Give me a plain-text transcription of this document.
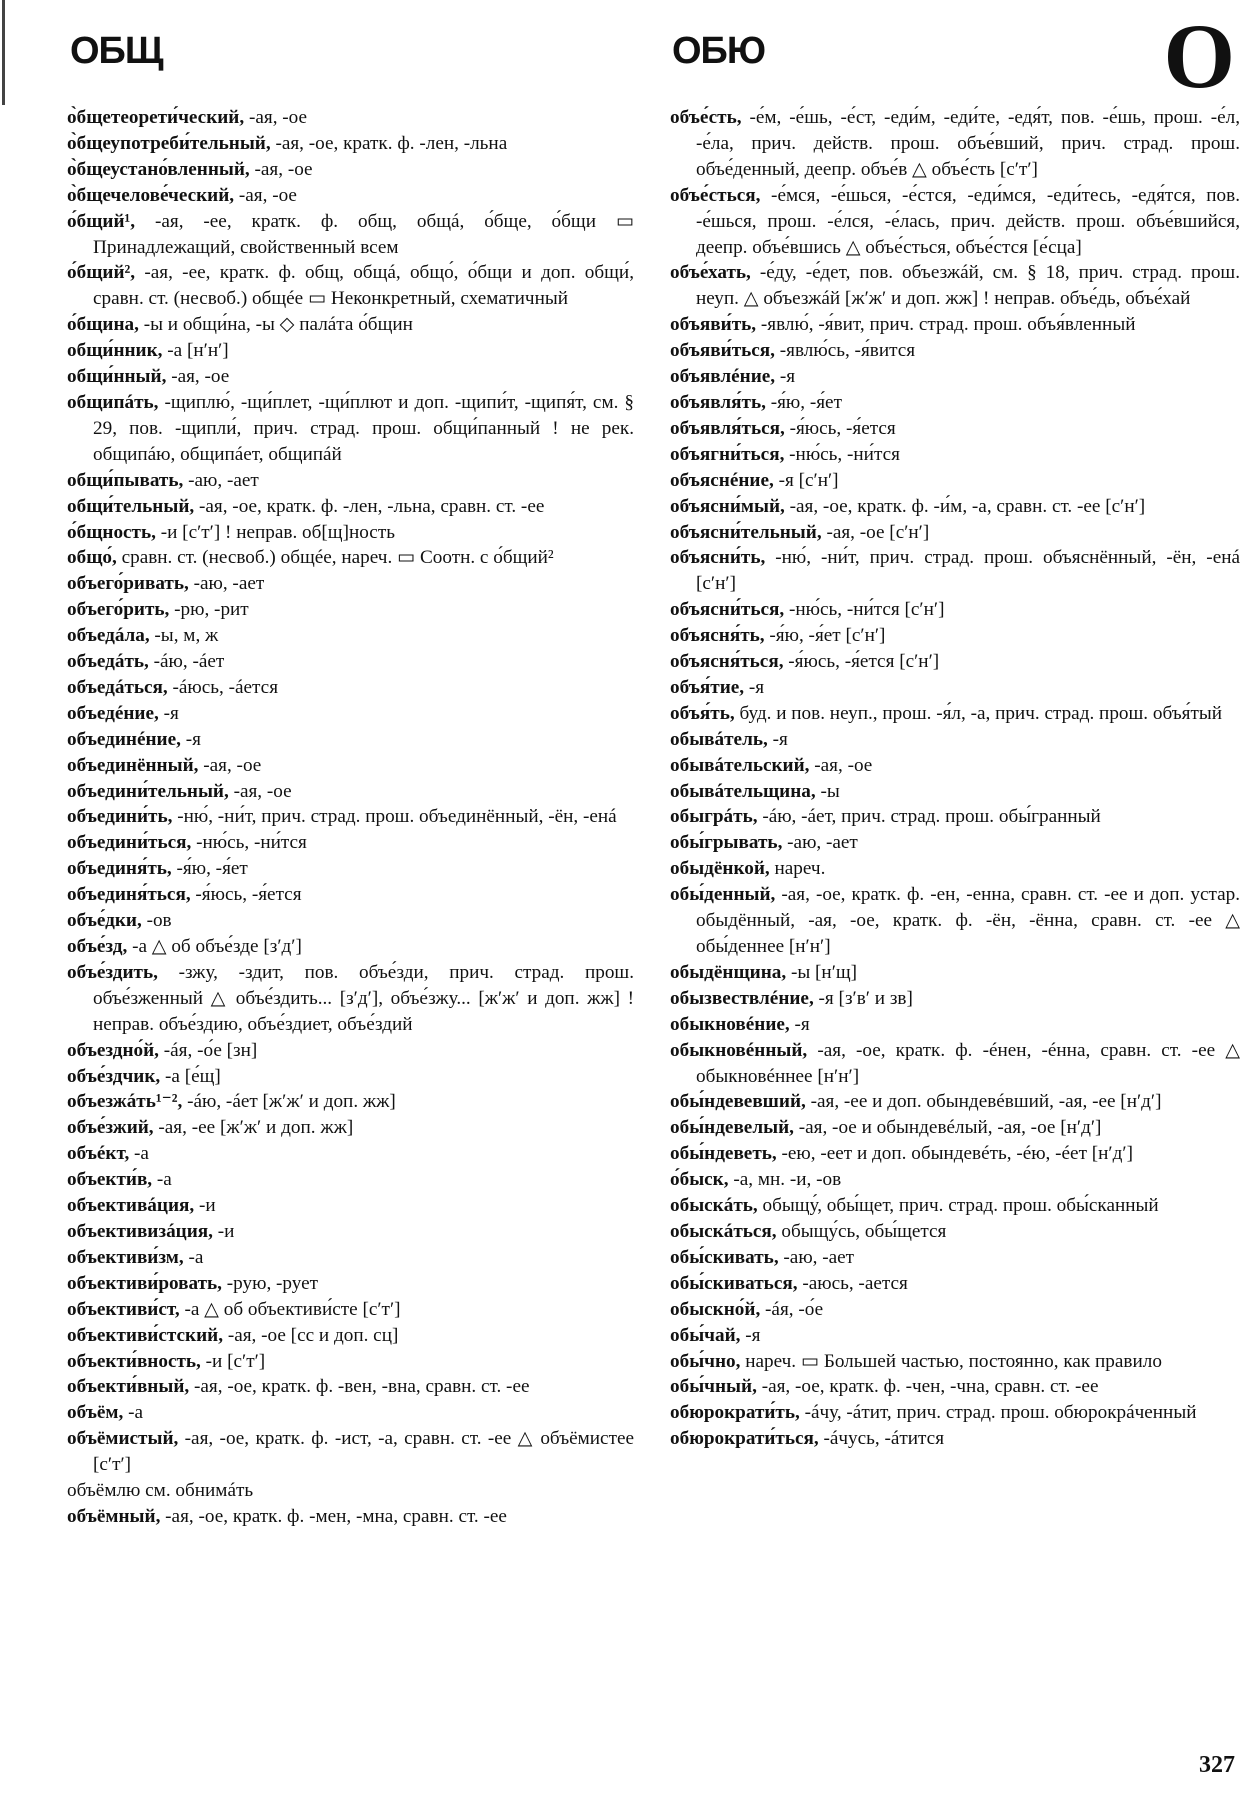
ОБЩ	ОБЮ	О
о̀бщетеорети́ческий, -ая, -ое
о̀бщеупотреби́тельный, -ая, -ое, кратк. ф. -лен, -льна
о̀бщеустано́вленный, -ая, -ое
о̀бщечелове́ческий, -ая, -ое
о́бщий¹, -ая, -ее, кратк. ф. общ, общá, о́бще, о́бщи ▭ Принадлежащий, свойственный всем
о́бщий², -ая, -ее, кратк. ф. общ, общá, общо́, о́бщи и доп. общи́, сравн. ст. (несвоб.) общée ▭ Неконкретный, схематичный
о́бщина, -ы и общи́на, -ы ◇ палáта о́бщин
общи́нник, -а [нʹнʹ]
общи́нный, -ая, -ое
общипáть, -щиплю́, -щи́плет, -щи́плют и доп. -щипи́т, -щипя́т, см. § 29, пов. -щипли́, прич. страд. прош. общи́панный ! не рек. общипáю, общипáет, общипáй
общи́пывать, -аю, -ает
общи́тельный, -ая, -ое, кратк. ф. -лен, -льна, сравн. ст. -ее
о́бщность, -и [сʹтʹ] ! неправ. об[щ]ность
общо́, сравн. ст. (несвоб.) общée, нареч. ▭ Соотн. с о́бщий²
объего́ривать, -аю, -ает
объего́рить, -рю, -рит
объедáла, -ы, м, ж
объедáть, -áю, -áет
объедáться, -áюсь, -áется
объедéние, -я
объединéние, -я
объединённый, -ая, -ое
объедини́тельный, -ая, -ое
объедини́ть, -ню́, -ни́т, прич. страд. прош. объединённый, -ён, -енá
объедини́ться, -ню́сь, -ни́тся
объединя́ть, -я́ю, -я́ет
объединя́ться, -я́юсь, -я́ется
объе́дки, -ов
объе́зд, -а △ об объе́зде [зʹдʹ]
объе́здить, -зжу, -здит, пов. объе́зди, прич. страд. прош. объе́зженный △ объе́здить... [зʹдʹ], объе́зжу... [жʹжʹ и доп. жж] ! неправ. объе́здию, объе́здиет, объе́здий
объездно́й, -áя, -о́е [зн]
объе́здчик, -а [е́щ]
объезжáть¹⁻², -áю, -áет [жʹжʹ и доп. жж]
объе́зжий, -ая, -ее [жʹжʹ и доп. жж]
объéкт, -а
объекти́в, -а
объективáция, -и
объективизáция, -и
объективи́зм, -а
объективи́ровать, -рую, -рует
объективи́ст, -а △ об объективи́сте [сʹтʹ]
объективи́стский, -ая, -ое [сс и доп. сц]
объекти́вность, -и [сʹтʹ]
объекти́вный, -ая, -ое, кратк. ф. -вен, -вна, сравн. ст. -ее
объём, -а
объёмистый, -ая, -ое, кратк. ф. -ист, -а, сравн. ст. -ее △ объёмистее [сʹтʹ]
объёмлю см. обнимáть
объёмный, -ая, -ое, кратк. ф. -мен, -мна, сравн. ст. -ее
объе́сть, -е́м, -е́шь, -е́ст, -еди́м, -еди́те, -едя́т, пов. -е́шь, прош. -е́л, -е́ла, прич. действ. прош. объе́вший, прич. страд. прош. объе́денный, деепр. объе́в △ объе́сть [сʹтʹ]
объе́сться, -е́мся, -е́шься, -е́стся, -еди́мся, -еди́тесь, -едя́тся, пов. -е́шься, прош. -е́лся, -е́лась, прич. действ. прош. объе́вшийся, деепр. объе́вшись △ объе́сться, объе́стся [е́сца]
объе́хать, -е́ду, -е́дет, пов. объезжáй, см. § 18, прич. страд. прош. неуп. △ объезжáй [жʹжʹ и доп. жж] ! неправ. объе́дь, объе́хай
объяви́ть, -явлю́, -я́вит, прич. страд. прош. объя́вленный
объяви́ться, -явлю́сь, -я́вится
объявлéние, -я
объявля́ть, -я́ю, -я́ет
объявля́ться, -я́юсь, -я́ется
объягни́ться, -ню́сь, -ни́тся
объяснéние, -я [сʹнʹ]
объясни́мый, -ая, -ое, кратк. ф. -и́м, -а, сравн. ст. -ее [сʹнʹ]
объясни́тельный, -ая, -ое [сʹнʹ]
объясни́ть, -ню́, -ни́т, прич. страд. прош. объяснённый, -ён, -енá [сʹнʹ]
объясни́ться, -ню́сь, -ни́тся [сʹнʹ]
объясня́ть, -я́ю, -я́ет [сʹнʹ]
объясня́ться, -я́юсь, -я́ется [сʹнʹ]
объя́тие, -я
объя́ть, буд. и пов. неуп., прош. -я́л, -а, прич. страд. прош. объя́тый
обывáтель, -я
обывáтельский, -ая, -ое
обывáтельщина, -ы
обыгрáть, -áю, -áет, прич. страд. прош. обы́гранный
обы́грывать, -аю, -ает
обыдёнкой, нареч.
обы́денный, -ая, -ое, кратк. ф. -ен, -енна, сравн. ст. -ее и доп. устар. обыдённый, -ая, -ое, кратк. ф. -ён, -ённа, сравн. ст. -ее △ обы́деннее [нʹнʹ]
обыдёнщина, -ы [нʹщ]
обызвествлéние, -я [зʹвʹ и зв]
обыкновéние, -я
обыкновéнный, -ая, -ое, кратк. ф. -éнен, -éнна, сравн. ст. -ее △ обыкновéннее [нʹнʹ]
обы́ндевевший, -ая, -ее и доп. обындевéвший, -ая, -ее [нʹдʹ]
обы́ндевелый, -ая, -ое и обындевéлый, -ая, -ое [нʹдʹ]
обы́ндеветь, -ею, -еет и доп. обындевéть, -éю, -éет [нʹдʹ]
о́быск, -а, мн. -и, -ов
обыскáть, обыщу́, обы́щет, прич. страд. прош. обы́сканный
обыскáться, обыщу́сь, обы́щется
обы́скивать, -аю, -ает
обы́скиваться, -аюсь, -ается
обыскно́й, -áя, -о́е
обы́чай, -я
обы́чно, нареч. ▭ Большей частью, постоянно, как правило
обы́чный, -ая, -ое, кратк. ф. -чен, -чна, сравн. ст. -ее
обюрократи́ть, -áчу, -áтит, прич. страд. прош. обюрокрáченный
обюрократи́ться, -áчусь, -áтится
327
